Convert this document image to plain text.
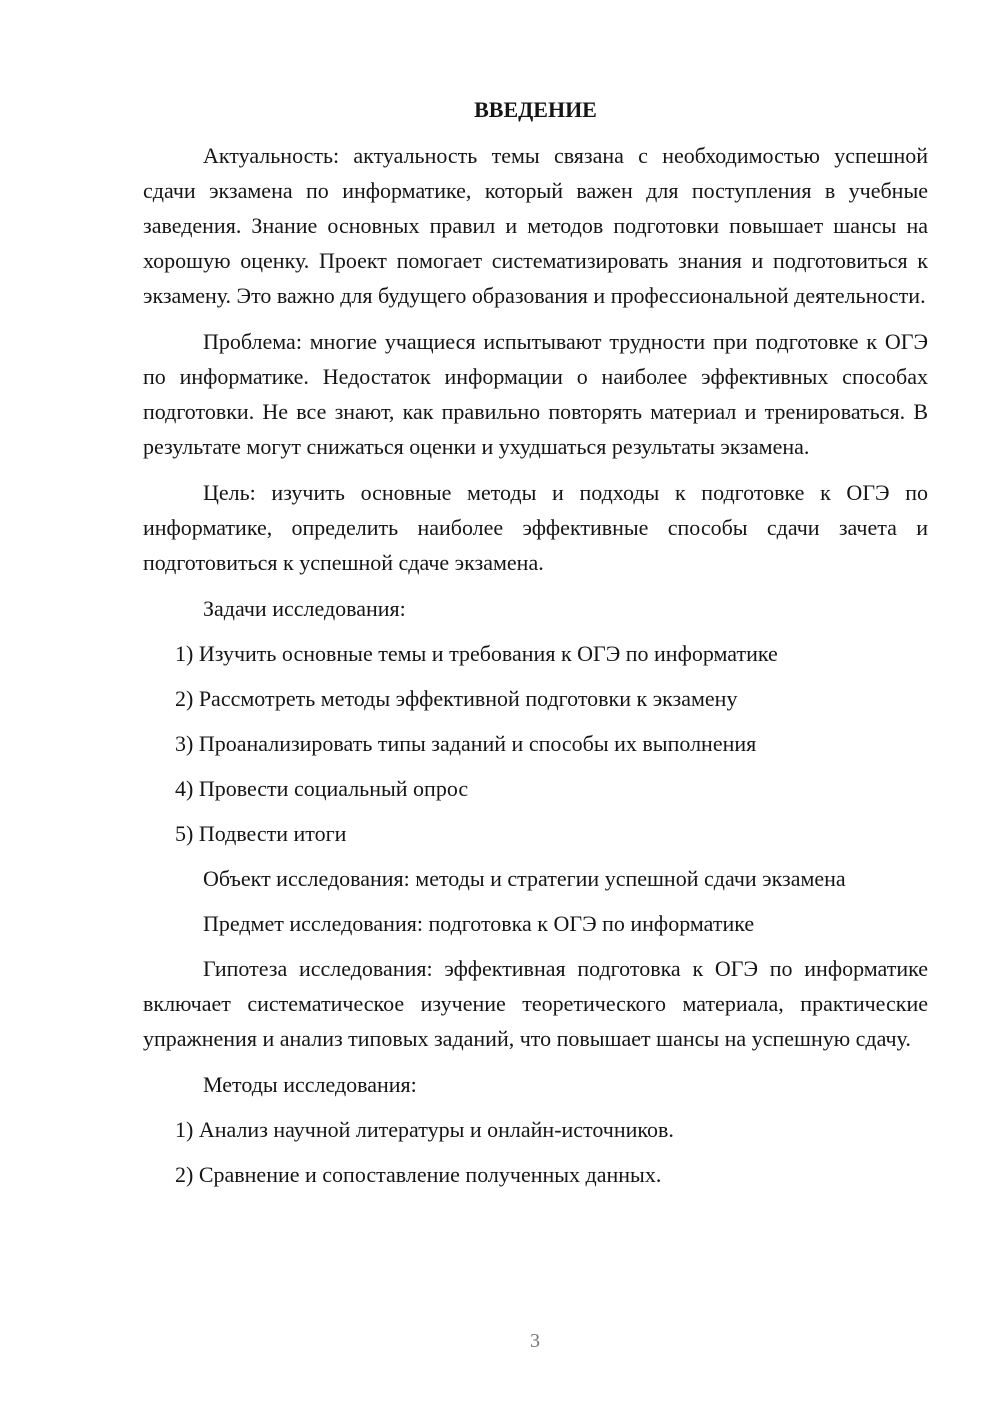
ВВЕДЕНИЕ

Актуальность: актуальность темы связана с необходимостью успешной сдачи экзамена по информатике, который важен для поступления в учебные заведения. Знание основных правил и методов подготовки повышает шансы на хорошую оценку. Проект помогает систематизировать знания и подготовиться к экзамену. Это важно для будущего образования и профессиональной деятельности.

Проблема: многие учащиеся испытывают трудности при подготовке к ОГЭ по информатике. Недостаток информации о наиболее эффективных способах подготовки. Не все знают, как правильно повторять материал и тренироваться. В результате могут снижаться оценки и ухудшаться результаты экзамена.

Цель: изучить основные методы и подходы к подготовке к ОГЭ по информатике, определить наиболее эффективные способы сдачи зачета и подготовиться к успешной сдаче экзамена.

Задачи исследования:

1) Изучить основные темы и требования к ОГЭ по информатике
2) Рассмотреть методы эффективной подготовки к экзамену
3) Проанализировать типы заданий и способы их выполнения
4) Провести социальный опрос
5) Подвести итоги

Объект исследования: методы и стратегии успешной сдачи экзамена

Предмет исследования: подготовка к ОГЭ по информатике

Гипотеза исследования: эффективная подготовка к ОГЭ по информатике включает систематическое изучение теоретического материала, практические упражнения и анализ типовых заданий, что повышает шансы на успешную сдачу.

Методы исследования:

1) Анализ научной литературы и онлайн-источников.
2) Сравнение и сопоставление полученных данных.
3
